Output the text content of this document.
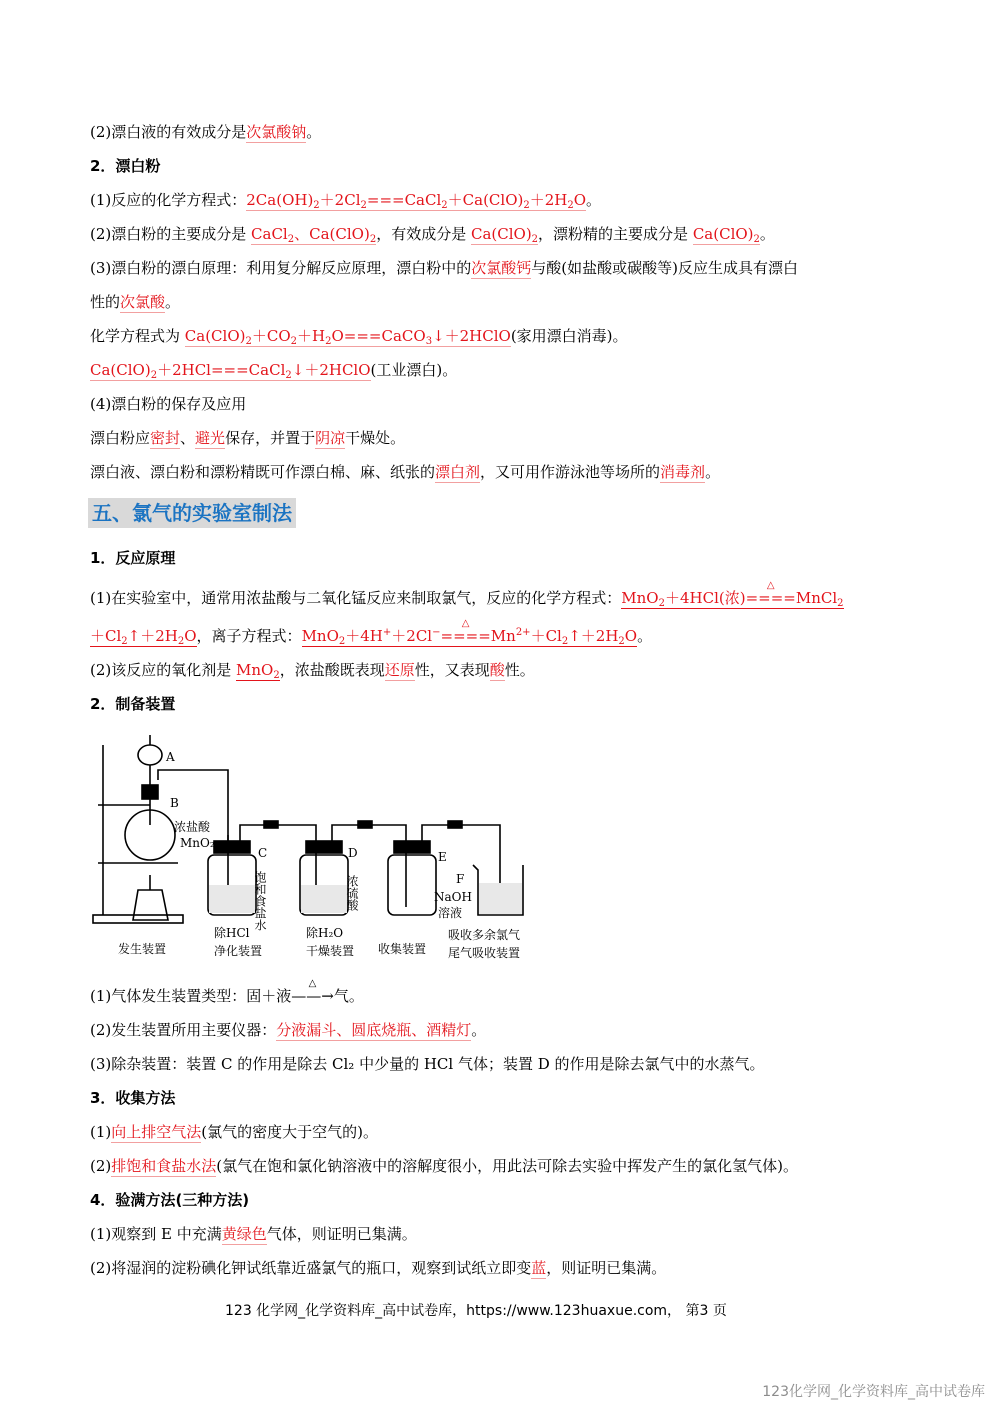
(2)漂白液的有效成分是次氯酸钠。
2．漂白粉
(1)反应的化学方程式：$2Ca(OH)_2+2Cl_2===CaCl_2+Ca(ClO)_2+2H_2O$。
(2)漂白粉的主要成分是 CaCl$_2$、$Ca(ClO)_2$，有效成分是 $Ca(ClO)_2$，漂粉精的主要成分是 $Ca(ClO)_2$。
(3)漂白粉的漂白原理：利用复分解反应原理，漂白粉中的次氯酸钙与酸(如盐酸或碳酸等)反应生成具有漂白
性的次氯酸。
化学方程式为 $Ca(ClO)_2+CO_2+H_2O===CaCO_3↓+2HClO$(家用漂白消毒)。
$Ca(ClO)_2+2HCl===CaCl_2↓+2HClO$(工业漂白)。
(4)漂白粉的保存及应用
漂白粉应密封、避光保存，并置于阴凉干燥处。
漂白液、漂白粉和漂粉精既可作漂白棉、麻、纸张的漂白剂，又可用作游泳池等场所的消毒剂。
五、氯气的实验室制法
1．反应原理
(1)在实验室中，通常用浓盐酸与二氧化锰反应来制取氯气，反应的化学方程式：MnO$_2$＋4HCl(浓)
△
====MnCl$_2$
$+Cl_2↑+2H_2O$，离子方程式：MnO$_2$＋4H+＋2Cl−
△
$====Mn^{2+}+Cl_2↑+2H_2O$。
(2)该反应的氧化剂是 MnO$_2$，浓盐酸既表现还原性，又表现酸性。
2．制备装置
A
B
浓盐酸
MnO₂
C	D	E
F
饱和食盐水	浓硫酸	NaOH
溶液
发生装置
除HCl
净化装置
除H₂O
干燥装置 收集装置
吸收多余氯气
尾气吸收装置
(1)气体发生装置类型：固＋液
△
——→气。
(2)发生装置所用主要仪器：分液漏斗、圆底烧瓶、酒精灯。
(3)除杂装置：装置 C 的作用是除去 Cl₂ 中少量的 HCl 气体；装置 D 的作用是除去氯气中的水蒸气。
3．收集方法
(1)向上排空气法(氯气的密度大于空气的)。
(2)排饱和食盐水法(氯气在饱和氯化钠溶液中的溶解度很小，用此法可除去实验中挥发产生的氯化氢气体)。
4．验满方法(三种方法)
(1)观察到 E 中充满黄绿色气体，则证明已集满。
(2)将湿润的淀粉碘化钾试纸靠近盛氯气的瓶口，观察到试纸立即变蓝，则证明已集满。
123 化学网_化学资料库_高中试卷库，https://www.123huaxue.com， 第3 页
123化学网_化学资料库_高中试卷库
